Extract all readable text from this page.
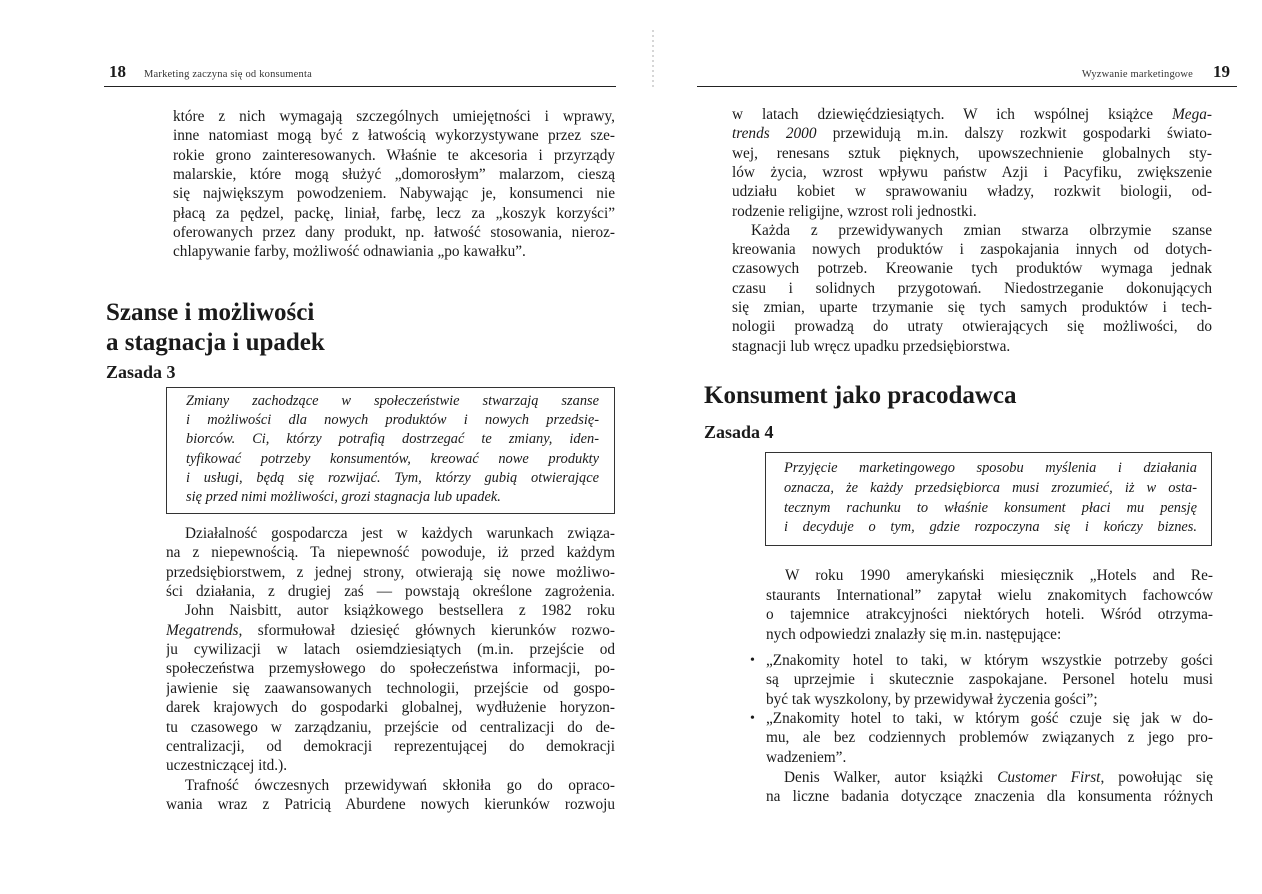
18 Marketing zaczyna się od konsumenta
które z nich wymagają szczególnych umiejętności i wprawy,
inne natomiast mogą być z łatwością wykorzystywane przez sze-
rokie grono zainteresowanych. Właśnie te akcesoria i przyrządy
malarskie, które mogą służyć „domorosłym” malarzom, cieszą
się największym powodzeniem. Nabywając je, konsumenci nie
płacą za pędzel, packę, liniał, farbę, lecz za „koszyk korzyści”
oferowanych przez dany produkt, np. łatwość stosowania, nieroz-
chlapywanie farby, możliwość odnawiania „po kawałku”.
Szanse i możliwości
a stagnacja i upadek
Zasada 3
Zmiany zachodzące w społeczeństwie stwarzają szanse
i możliwości dla nowych produktów i nowych przedsię-
biorców. Ci, którzy potrafią dostrzegać te zmiany, iden-
tyfikować potrzeby konsumentów, kreować nowe produkty
i usługi, będą się rozwijać. Tym, którzy gubią otwierające
się przed nimi możliwości, grozi stagnacja lub upadek.
Działalność gospodarcza jest w każdych warunkach związa-
na z niepewnością. Ta niepewność powoduje, iż przed każdym
przedsiębiorstwem, z jednej strony, otwierają się nowe możliwo-
ści działania, z drugiej zaś — powstają określone zagrożenia.
John Naisbitt, autor książkowego bestsellera z 1982 roku
Megatrends, sformułował dziesięć głównych kierunków rozwo-
ju cywilizacji w latach osiemdziesiątych (m.in. przejście od
społeczeństwa przemysłowego do społeczeństwa informacji, po-
jawienie się zaawansowanych technologii, przejście od gospo-
darek krajowych do gospodarki globalnej, wydłużenie horyzon-
tu czasowego w zarządzaniu, przejście od centralizacji do de-
centralizacji, od demokracji reprezentującej do demokracji
uczestniczącej itd.).
Trafność ówczesnych przewidywań skłoniła go do opraco-
wania wraz z Patricią Aburdene nowych kierunków rozwoju
Wyzwanie marketingowe 19
w latach dziewięćdziesiątych. W ich wspólnej książce Mega-
trends 2000 przewidują m.in. dalszy rozkwit gospodarki świato-
wej, renesans sztuk pięknych, upowszechnienie globalnych sty-
lów życia, wzrost wpływu państw Azji i Pacyfiku, zwiększenie
udziału kobiet w sprawowaniu władzy, rozkwit biologii, od-
rodzenie religijne, wzrost roli jednostki.
Każda z przewidywanych zmian stwarza olbrzymie szanse
kreowania nowych produktów i zaspokajania innych od dotych-
czasowych potrzeb. Kreowanie tych produktów wymaga jednak
czasu i solidnych przygotowań. Niedostrzeganie dokonujących
się zmian, uparte trzymanie się tych samych produktów i tech-
nologii prowadzą do utraty otwierających się możliwości, do
stagnacji lub wręcz upadku przedsiębiorstwa.
Konsument jako pracodawca
Zasada 4
Przyjęcie marketingowego sposobu myślenia i działania
oznacza, że każdy przedsiębiorca musi zrozumieć, iż w osta-
tecznym rachunku to właśnie konsument płaci mu pensję
i decyduje o tym, gdzie rozpoczyna się i kończy biznes.
W roku 1990 amerykański miesięcznik „Hotels and Re-
staurants International” zapytał wielu znakomitych fachowców
o tajemnice atrakcyjności niektórych hoteli. Wśród otrzyma-
nych odpowiedzi znalazły się m.in. następujące:
• „Znakomity hotel to taki, w którym wszystkie potrzeby gości
są uprzejmie i skutecznie zaspokajane. Personel hotelu musi
być tak wyszkolony, by przewidywał życzenia gości”;
• „Znakomity hotel to taki, w którym gość czuje się jak w do-
mu, ale bez codziennych problemów związanych z jego pro-
wadzeniem”.
Denis Walker, autor książki Customer First, powołując się
na liczne badania dotyczące znaczenia dla konsumenta różnych
